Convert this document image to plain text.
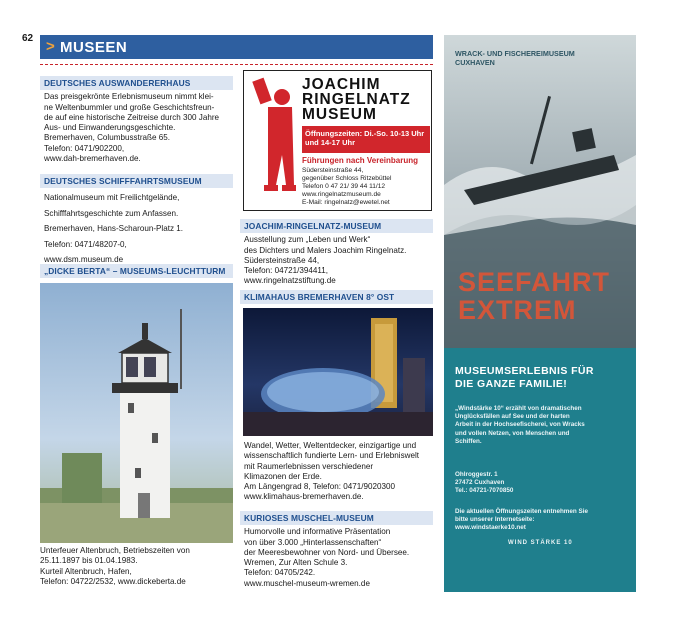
62 > MUSEEN
DEUTSCHES AUSWANDERERHAUS
Das preisgekrönte Erlebnismuseum nimmt klei-
ne Weltenbummler und große Geschichtsfreun-
de auf eine historische Zeitreise durch 300 Jahre
Aus- und Einwanderungsgeschichte.
Bremerhaven, Columbusstraße 65.
Telefon: 0471/902200,
www.dah-bremerhaven.de.
DEUTSCHES SCHIFFFAHRTSMUSEUM
Nationalmuseum mit Freilichtgelände,
Schifffahrtsgeschichte zum Anfassen.
Bremerhaven, Hans-Scharoun-Platz 1.
Telefon: 0471/48207-0,
www.dsm.museum.de
„DICKE BERTA“ – MUSEUMS-LEUCHTTURM
Unterfeuer Altenbruch, Betriebszeiten von
25.11.1897 bis 01.04.1983.
Kurteil Altenbruch, Hafen,
Telefon: 04722/2532, www.dickeberta.de
JOACHIM
RINGELNATZ
MUSEUM
Öffnungszeiten: Di.-So. 10-13 Uhr
und 14-17 Uhr
Führungen nach Vereinbarung
Südersteinstraße 44,
gegenüber Schloss Ritzebüttel
Telefon 0 47 21/ 39 44 11/12
www.ringelnatzmuseum.de
E-Mail: ringelnatz@ewetel.net
JOACHIM-RINGELNATZ-MUSEUM
Ausstellung zum „Leben und Werk“
des Dichters und Malers Joachim Ringelnatz.
Südersteinstraße 44,
Telefon: 04721/394411,
www.ringelnatzstiftung.de
KLIMAHAUS BREMERHAVEN 8° OST
Wandel, Wetter, Weltentdecker, einzigartige und
wissenschaftlich fundierte Lern- und Erlebniswelt
mit Raumerlebnissen verschiedener
Klimazonen der Erde.
Am Längengrad 8, Telefon: 0471/9020300
www.klimahaus-bremerhaven.de.
KURIOSES MUSCHEL-MUSEUM
Humorvolle und informative Präsentation
von über 3.000 „Hinterlassenschaften“
der Meeresbewohner von Nord- und Übersee.
Wremen, Zur Alten Schule 3.
Telefon: 04705/242.
www.muschel-museum-wremen.de
WRACK- UND FISCHEREIMUSEUM
CUXHAVEN
SEEFAHRT
EXTREM
MUSEUMSERLEBNIS FÜR
DIE GANZE FAMILIE!
„Windstärke 10“ erzählt von dramatischen
Unglücksfällen auf See und der harten
Arbeit in der Hochseefischerei, von Wracks
und vollen Netzen, von Menschen und
Schiffen.
Ohlroggestr. 1
27472 Cuxhaven
Tel.: 04721-7070850
Die aktuellen Öffnungszeiten entnehmen Sie
bitte unserer Internetseite:
www.windstaerke10.net
WIND STÄRKE 10
